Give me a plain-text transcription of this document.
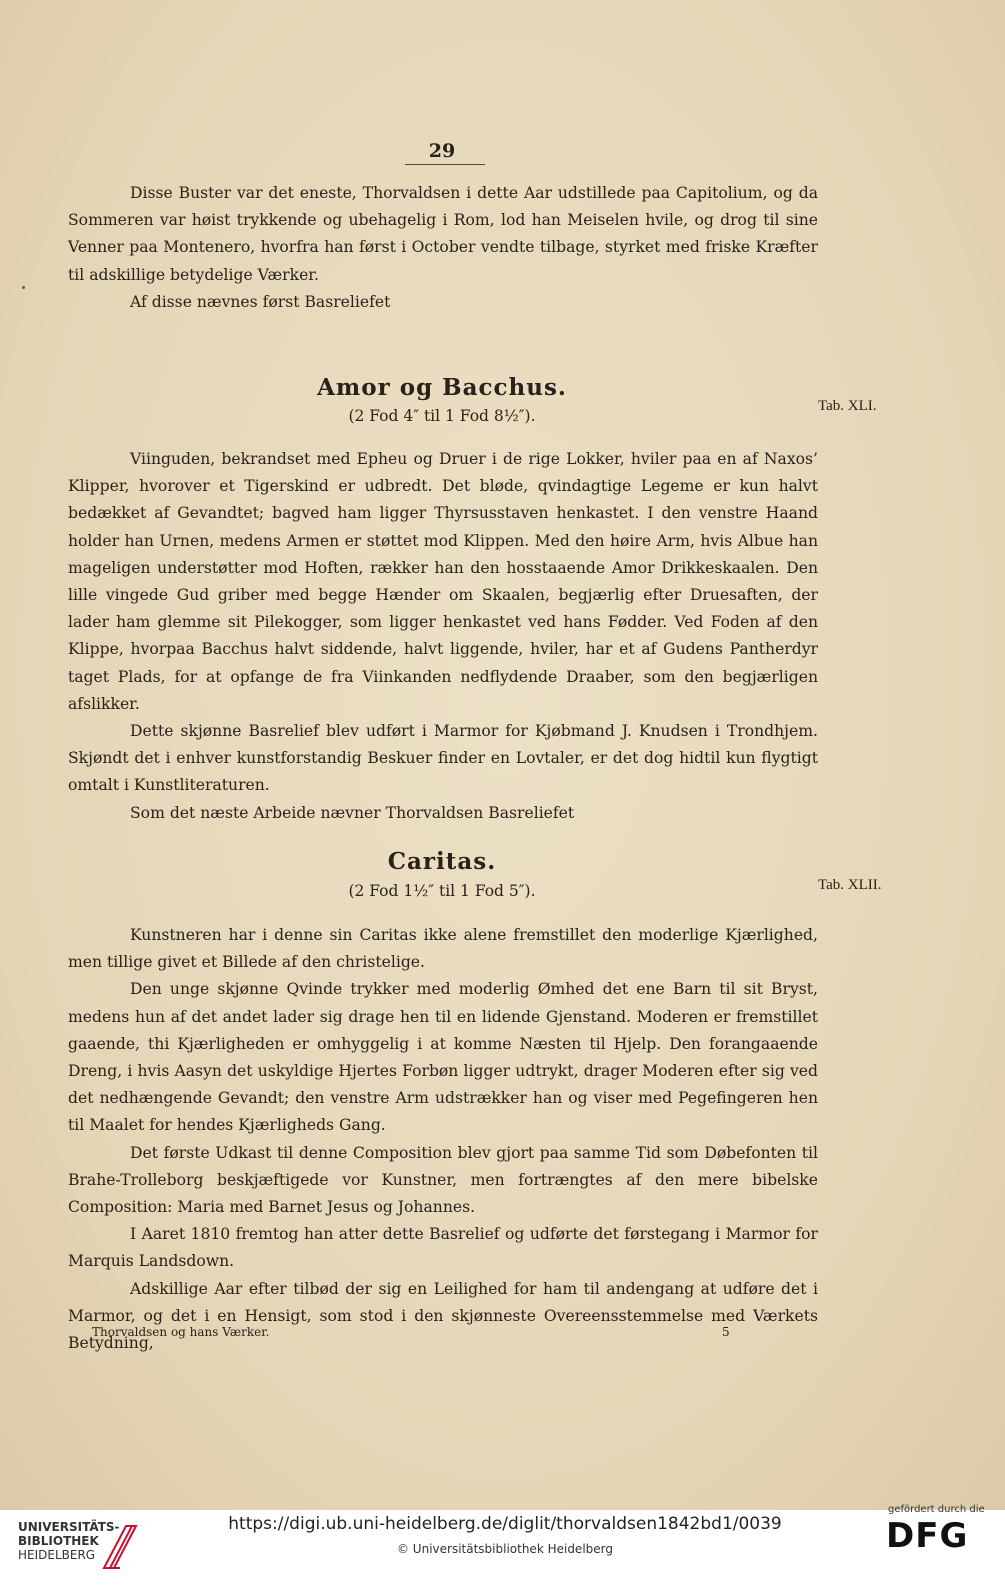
29

Disse Buster var det eneste, Thorvaldsen i dette Aar udstillede paa Capitolium, og da Sommeren var høist trykkende og ubehagelig i Rom, lod han Meiselen hvile, og drog til sine Venner paa Montenero, hvorfra han først i October vendte tilbage, styrket med friske Kræfter til adskillige betydelige Værker.

Af disse nævnes først Basreliefet

Amor og Bacchus.
(2 Fod 4″ til 1 Fod 8½″).
Tab. XLI.

Viinguden, bekrandset med Epheu og Druer i de rige Lokker, hviler paa en af Naxos’ Klipper, hvorover et Tigerskind er udbredt. Det bløde, qvindagtige Legeme er kun halvt bedækket af Gevandtet; bagved ham ligger Thyrsusstaven henkastet. I den venstre Haand holder han Urnen, medens Armen er støttet mod Klippen. Med den høire Arm, hvis Albue han mageligen understøtter mod Hoften, rækker han den hosstaaende Amor Drikkeskaalen. Den lille vingede Gud griber med begge Hænder om Skaalen, begjærlig efter Druesaften, der lader ham glemme sit Pilekogger, som ligger henkastet ved hans Fødder. Ved Foden af den Klippe, hvorpaa Bacchus halvt siddende, halvt liggende, hviler, har et af Gudens Pantherdyr taget Plads, for at opfange de fra Viinkanden nedflydende Draaber, som den begjærligen afslikker.

Dette skjønne Basrelief blev udført i Marmor for Kjøbmand J. Knudsen i Trondhjem. Skjøndt det i enhver kunstforstandig Beskuer finder en Lovtaler, er det dog hidtil kun flygtigt omtalt i Kunstliteraturen.

Som det næste Arbeide nævner Thorvaldsen Basreliefet

Caritas.
(2 Fod 1½″ til 1 Fod 5″).	Tab. XLII.

Kunstneren har i denne sin Caritas ikke alene fremstillet den moderlige Kjærlighed, men tillige givet et Billede af den christelige.

Den unge skjønne Qvinde trykker med moderlig Ømhed det ene Barn til sit Bryst, medens hun af det andet lader sig drage hen til en lidende Gjenstand. Moderen er fremstillet gaaende, thi Kjærligheden er omhyggelig i at komme Næsten til Hjelp. Den forangaaende Dreng, i hvis Aasyn det uskyldige Hjertes Forbøn ligger udtrykt, drager Moderen efter sig ved det nedhængende Gevandt; den venstre Arm udstrækker han og viser med Pegefingeren hen til Maalet for hendes Kjærligheds Gang.

Det første Udkast til denne Composition blev gjort paa samme Tid som Døbefonten til Brahe-Trolleborg beskjæftigede vor Kunstner, men fortrængtes af den mere bibelske Composition: Maria med Barnet Jesus og Johannes.

I Aaret 1810 fremtog han atter dette Basrelief og udførte det førstegang i Marmor for Marquis Landsdown.

Adskillige Aar efter tilbød der sig en Leilighed for ham til andengang at udføre det i Marmor, og det i en Hensigt, som stod i den skjønneste Overeensstemmelse med Værkets Betydning,

Thorvaldsen og hans Værker.	5
UNIVERSITÄTS-
BIBLIOTHEK
HEIDELBERG
https://digi.ub.uni-heidelberg.de/diglit/thorvaldsen1842bd1/0039
© Universitätsbibliothek Heidelberg
gefördert durch die
DFG
